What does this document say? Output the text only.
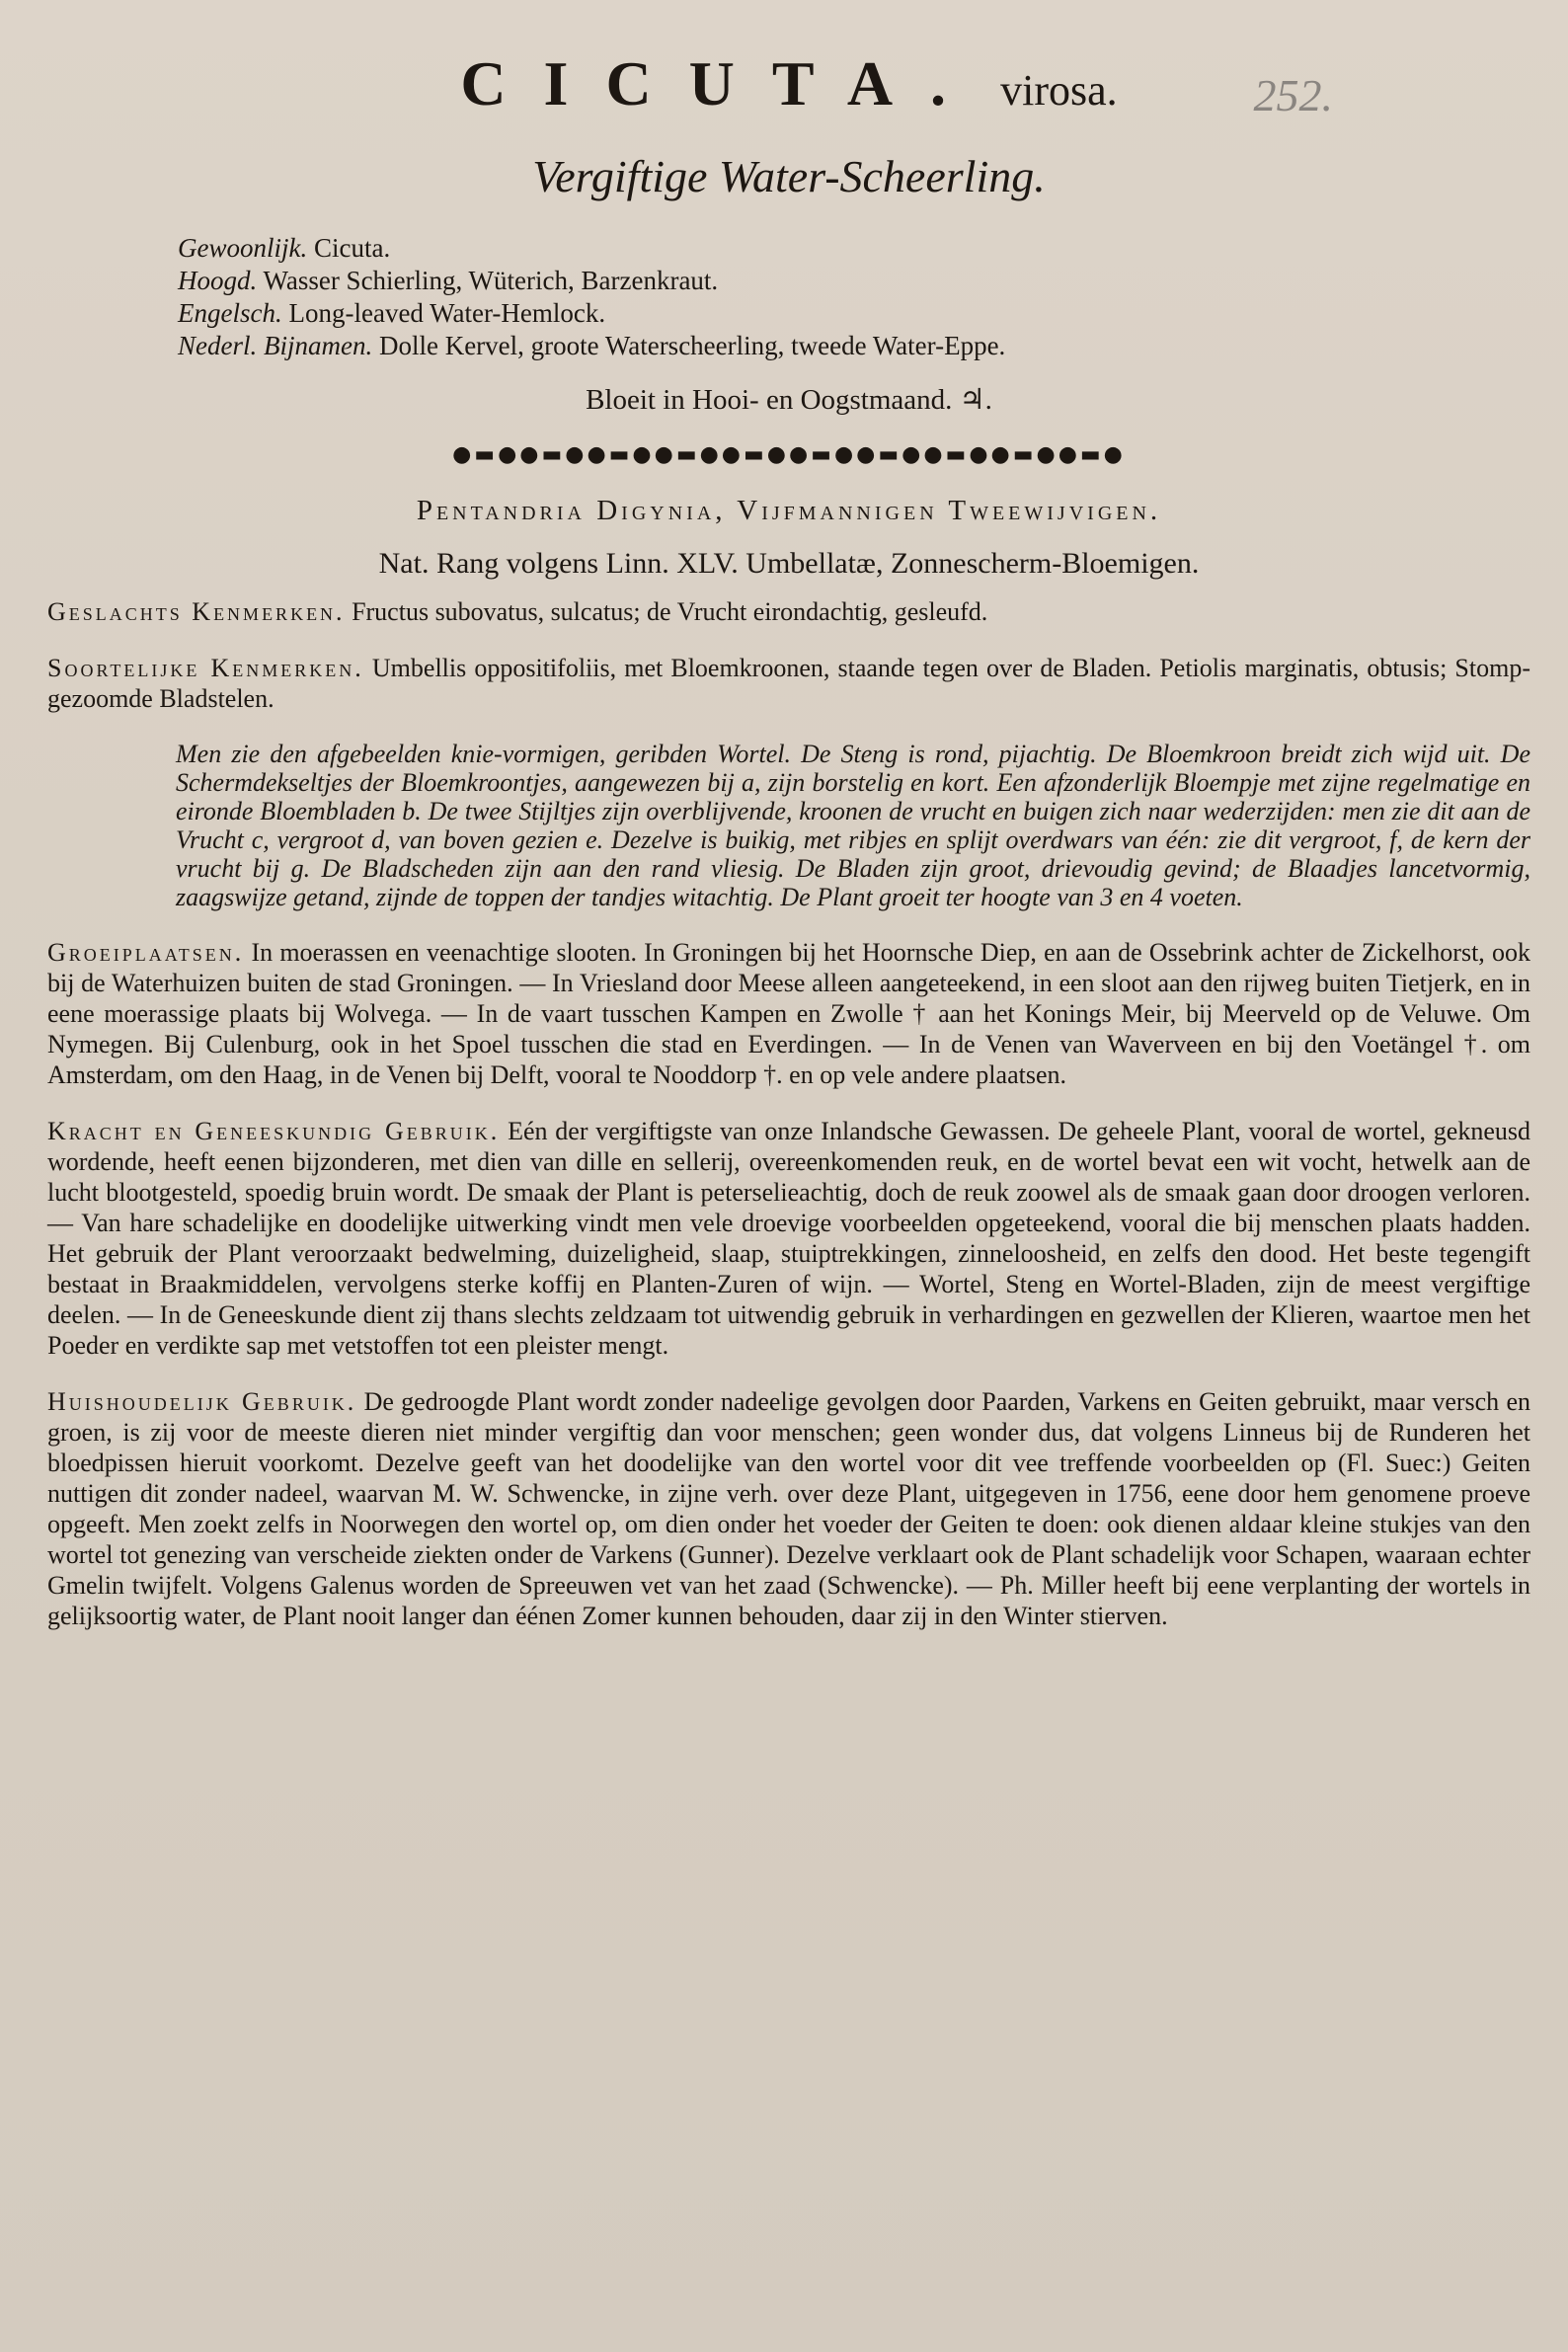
CICUTA. virosa.	252.
Vergiftige Water-Scheerling.
Gewoonlijk. Cicuta.
Hoogd. Wasser Schierling, Wüterich, Barzenkraut.
Engelsch. Long-leaved Water-Hemlock.
Nederl. Bijnamen. Dolle Kervel, groote Waterscheerling, tweede Water-Eppe.
Bloeit in Hooi- en Oogstmaand. ♃.
●▬●●▬●●▬●●▬●●▬●●▬●●▬●●▬●●▬●●▬●
Pentandria Digynia, Vijfmannigen Tweewijvigen.
Nat. Rang volgens Linn. XLV. Umbellatæ, Zonnescherm-Bloemigen.

Geslachts Kenmerken. Fructus subovatus, sulcatus; de Vrucht eirondachtig, gesleufd.

Soortelijke Kenmerken. Umbellis oppositifoliis, met Bloemkroonen, staande tegen over de Bladen. Petiolis marginatis, obtusis; Stomp-gezoomde Bladstelen.

Men zie den afgebeelden knie-vormigen, geribden Wortel. De Steng is rond, pijachtig. De Bloemkroon breidt zich wijd uit. De Schermdekseltjes der Bloemkroontjes, aangewezen bij a, zijn borstelig en kort. Een afzonderlijk Bloempje met zijne regelmatige en eironde Bloembladen b. De twee Stijltjes zijn overblijvende, kroonen de vrucht en buigen zich naar wederzijden: men zie dit aan de Vrucht c, vergroot d, van boven gezien e. Dezelve is buikig, met ribjes en splijt overdwars van één: zie dit vergroot, f, de kern der vrucht bij g. De Bladscheden zijn aan den rand vliesig. De Bladen zijn groot, drievoudig gevind; de Blaadjes lancetvormig, zaagswijze getand, zijnde de toppen der tandjes witachtig. De Plant groeit ter hoogte van 3 en 4 voeten.

Groeiplaatsen. In moerassen en veenachtige slooten. In Groningen bij het Hoornsche Diep, en aan de Ossebrink achter de Zickelhorst, ook bij de Waterhuizen buiten de stad Groningen. — In Vriesland door Meese alleen aangeteekend, in een sloot aan den rijweg buiten Tietjerk, en in eene moerassige plaats bij Wolvega. — In de vaart tusschen Kampen en Zwolle † aan het Konings Meir, bij Meerveld op de Veluwe. Om Nymegen. Bij Culenburg, ook in het Spoel tusschen die stad en Everdingen. — In de Venen van Waverveen en bij den Voetängel †. om Amsterdam, om den Haag, in de Venen bij Delft, vooral te Nooddorp †. en op vele andere plaatsen.

Kracht en Geneeskundig Gebruik. Eén der vergiftigste van onze Inlandsche Gewassen. De geheele Plant, vooral de wortel, gekneusd wordende, heeft eenen bijzonderen, met dien van dille en sellerij, overeenkomenden reuk, en de wortel bevat een wit vocht, hetwelk aan de lucht blootgesteld, spoedig bruin wordt. De smaak der Plant is peterselieachtig, doch de reuk zoowel als de smaak gaan door droogen verloren. — Van hare schadelijke en doodelijke uitwerking vindt men vele droevige voorbeelden opgeteekend, vooral die bij menschen plaats hadden. Het gebruik der Plant veroorzaakt bedwelming, duizeligheid, slaap, stuiptrekkingen, zinneloosheid, en zelfs den dood. Het beste tegengift bestaat in Braakmiddelen, vervolgens sterke koffij en Planten-Zuren of wijn. — Wortel, Steng en Wortel-Bladen, zijn de meest vergiftige deelen. — In de Geneeskunde dient zij thans slechts zeldzaam tot uitwendig gebruik in verhardingen en gezwellen der Klieren, waartoe men het Poeder en verdikte sap met vetstoffen tot een pleister mengt.

Huishoudelijk Gebruik. De gedroogde Plant wordt zonder nadeelige gevolgen door Paarden, Varkens en Geiten gebruikt, maar versch en groen, is zij voor de meeste dieren niet minder vergiftig dan voor menschen; geen wonder dus, dat volgens Linneus bij de Runderen het bloedpissen hieruit voorkomt. Dezelve geeft van het doodelijke van den wortel voor dit vee treffende voorbeelden op (Fl. Suec:) Geiten nuttigen dit zonder nadeel, waarvan M. W. Schwencke, in zijne verh. over deze Plant, uitgegeven in 1756, eene door hem genomene proeve opgeeft. Men zoekt zelfs in Noorwegen den wortel op, om dien onder het voeder der Geiten te doen: ook dienen aldaar kleine stukjes van den wortel tot genezing van verscheide ziekten onder de Varkens (Gunner). Dezelve verklaart ook de Plant schadelijk voor Schapen, waaraan echter Gmelin twijfelt. Volgens Galenus worden de Spreeuwen vet van het zaad (Schwencke). — Ph. Miller heeft bij eene verplanting der wortels in gelijksoortig water, de Plant nooit langer dan éénen Zomer kunnen behouden, daar zij in den Winter stierven.
